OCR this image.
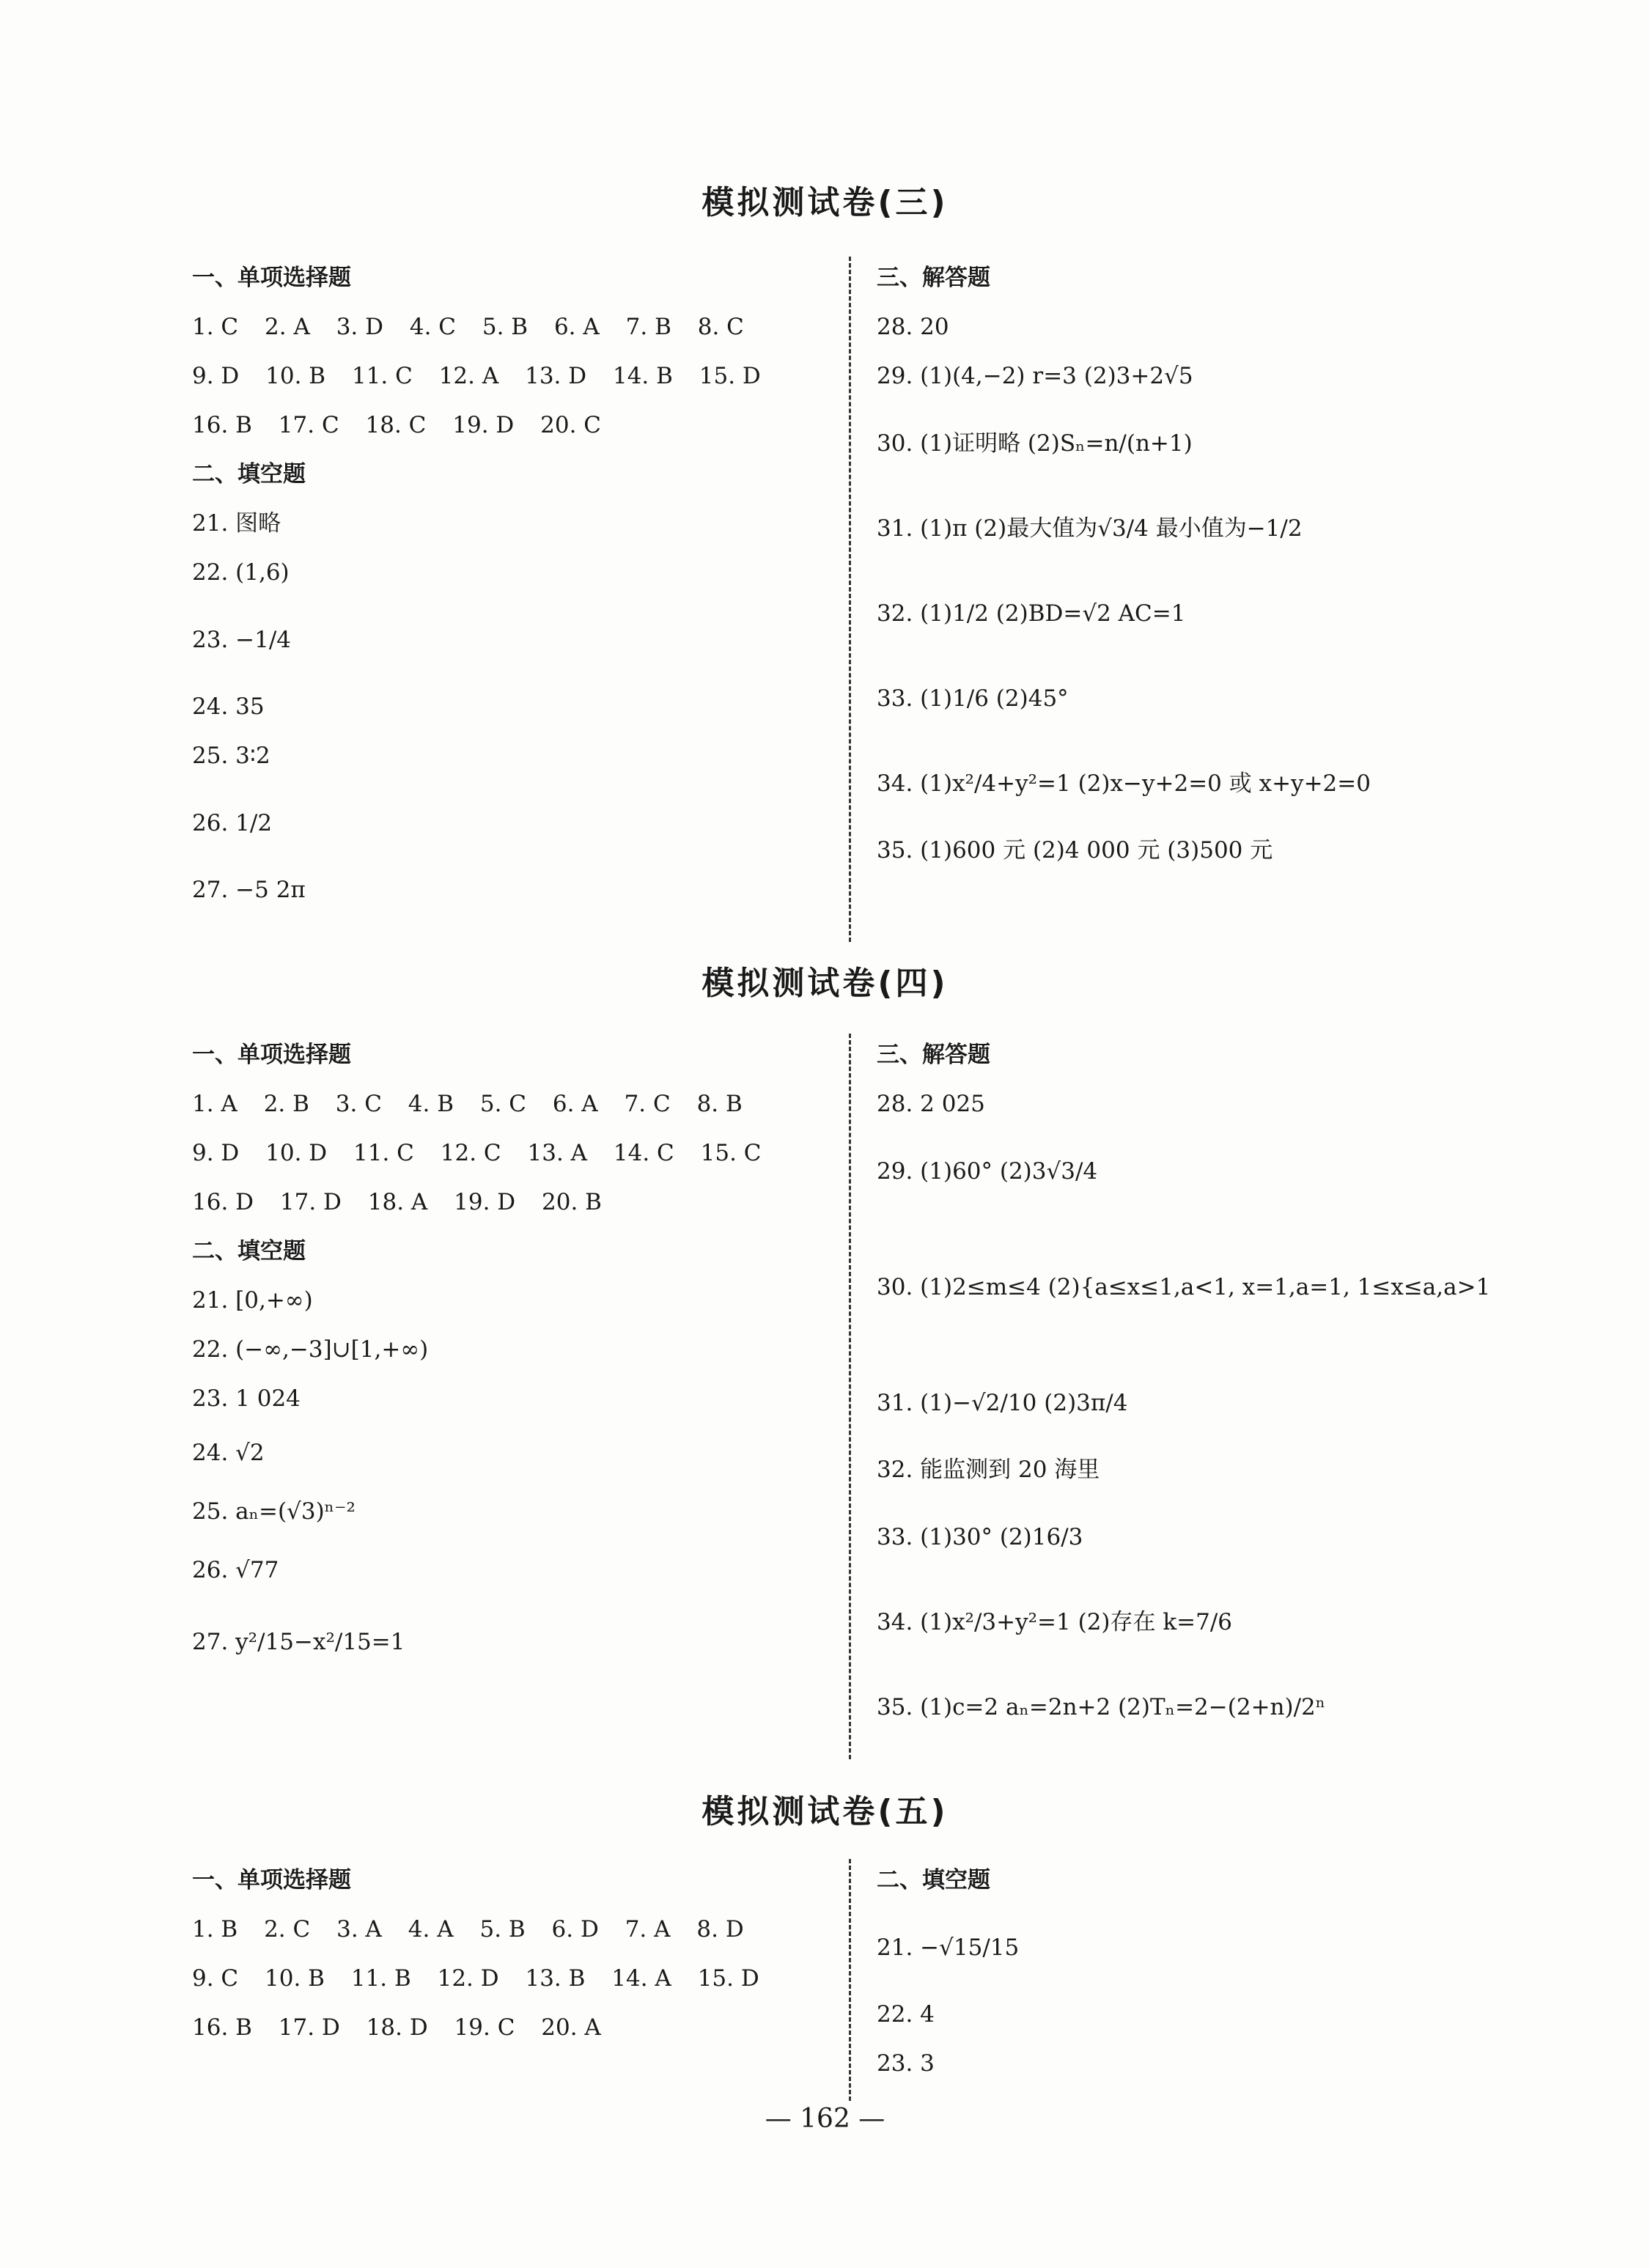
模拟测试卷(三)
一、单项选择题
1. C 2. A 3. D 4. C 5. B 6. A 7. B 8. C
9. D 10. B 11. C 12. A 13. D 14. B 15. D
16. B 17. C 18. C 19. D 20. C
二、填空题
21. 图略
22. (1,6)
23. −1/4
24. 35
25. 3∶2
26. 1/2
27. −5 2π
三、解答题
28. 20
29. (1)(4,−2) r=3 (2)3+2√5
30. (1)证明略 (2)Sₙ=n/(n+1)
31. (1)π (2)最大值为√3/4 最小值为−1/2
32. (1)1/2 (2)BD=√2 AC=1
33. (1)1/6 (2)45°
34. (1)x²/4+y²=1 (2)x−y+2=0 或 x+y+2=0
35. (1)600 元 (2)4 000 元 (3)500 元
模拟测试卷(四)
一、单项选择题
1. A 2. B 3. C 4. B 5. C 6. A 7. C 8. B
9. D 10. D 11. C 12. C 13. A 14. C 15. C
16. D 17. D 18. A 19. D 20. B
二、填空题
21. [0,+∞)
22. (−∞,−3]∪[1,+∞)
23. 1 024
24. √2
25. aₙ=(√3)ⁿ⁻²
26. √77
27. y²/15−x²/15=1
三、解答题
28. 2 025
29. (1)60° (2)3√3/4
30. (1)2≤m≤4 (2){a≤x≤1,a<1, x=1,a=1, 1≤x≤a,a>1
31. (1)−√2/10 (2)3π/4
32. 能监测到 20 海里
33. (1)30° (2)16/3
34. (1)x²/3+y²=1 (2)存在 k=7/6
35. (1)c=2 aₙ=2n+2 (2)Tₙ=2−(2+n)/2ⁿ
模拟测试卷(五)
一、单项选择题
1. B 2. C 3. A 4. A 5. B 6. D 7. A 8. D
9. C 10. B 11. B 12. D 13. B 14. A 15. D
16. B 17. D 18. D 19. C 20. A
二、填空题
21. −√15/15
22. 4
23. 3
— 162 —
